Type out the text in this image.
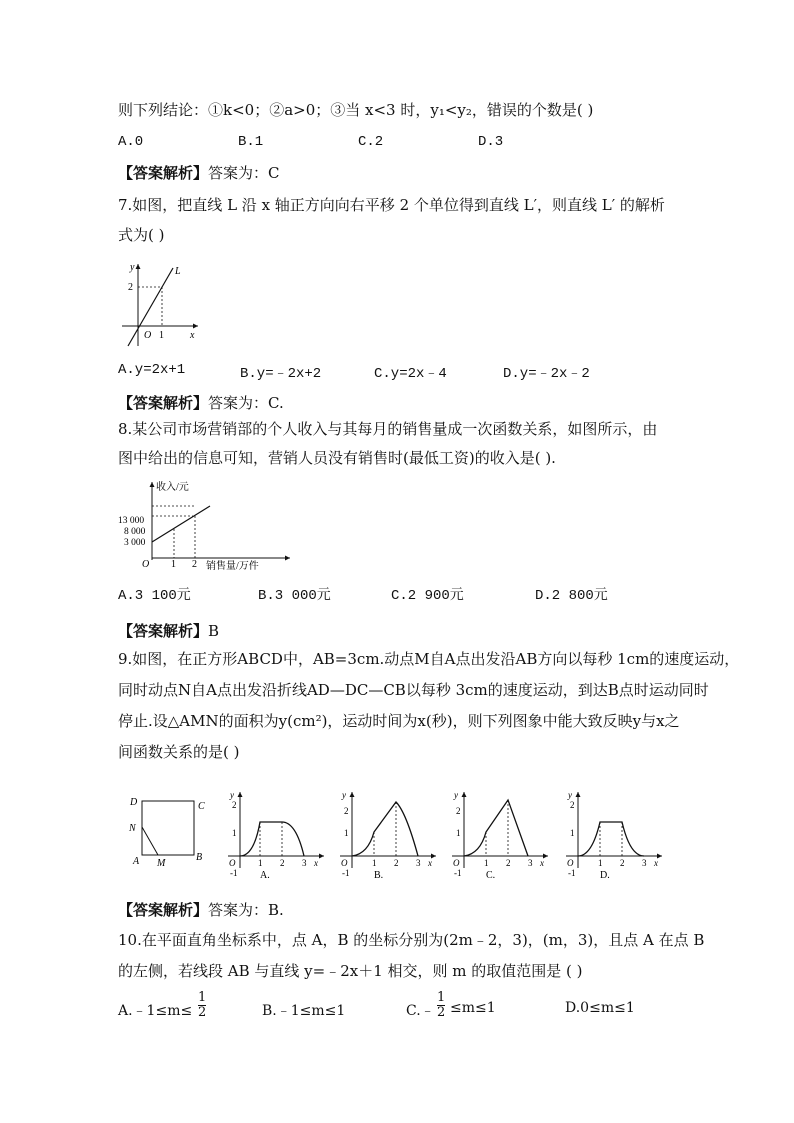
则下列结论：①k<0；②a>0；③当 x<3 时，y₁<y₂，错误的个数是( )
A.0	B.1	C.2	D.3
【答案解析】答案为：C
7.如图，把直线 L 沿 x 轴正方向向右平移 2 个单位得到直线 L′，则直线 L′ 的解析
式为( )
y	L
2
O 1	x
A.y=2x+1	B.y=﹣2x+2	C.y=2x﹣4	D.y=﹣2x﹣2
【答案解析】答案为：C.
8.某公司市场营销部的个人收入与其每月的销售量成一次函数关系，如图所示，由
图中给出的信息可知，营销人员没有销售时(最低工资)的收入是( ).
收入/元
13 000
8 000
3 000
O 1 2 销售量/万件
A.3 100元	B.3 000元	C.2 900元	D.2 800元
【答案解析】B
9.如图，在正方形ABCD中，AB=3cm.动点M自A点出发沿AB方向以每秒 1cm的速度运动，
同时动点N自A点出发沿折线AD—DC—CB以每秒 3cm的速度运动，到达B点时运动同时
停止.设△AMN的面积为y(cm²)，运动时间为x(秒)，则下列图象中能大致反映y与x之
间函数关系的是( )
D	C
N
A M
B
y
2
1
O
-1
1 2 3 x
A.
y
2
1
O
-1
1 2 3 x
B.
y
2
1
O
-1
1 2 3 x
C.
y
2
1
O
-1
1 2 3 x
D.
【答案解析】答案为：B.
10.在平面直角坐标系中，点 A，B 的坐标分别为(2m﹣2，3)，(m，3)，且点 A 在点 B
的左侧，若线段 AB 与直线 y=﹣2x＋1 相交，则 m 的取值范围是 ( )
A.﹣1≤m≤ $\frac{1}{2}$	B.﹣1≤m≤1	C.﹣ $\frac{1}{2} \le m\le 1$	D.0≤m≤1
